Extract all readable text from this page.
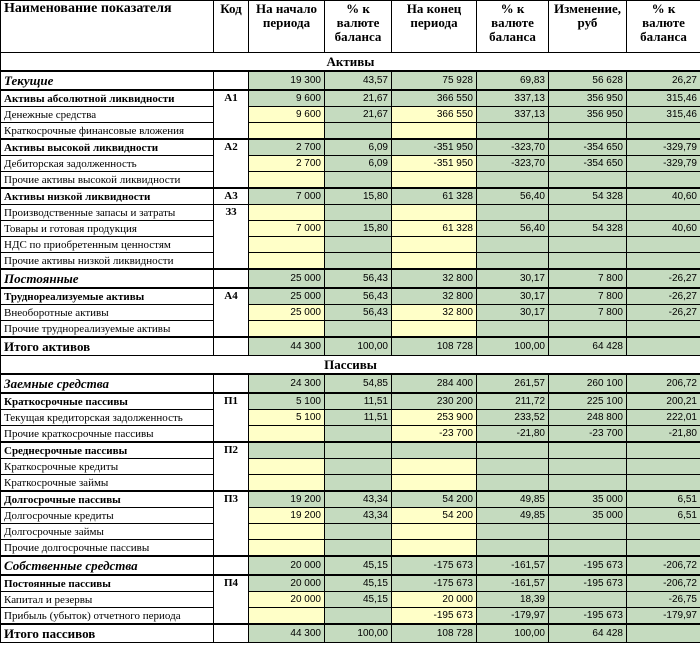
Наименование показателя	Код	На начало периода	% к валюте баланса	На конец периода	% к валюте баланса	Изменение, руб	% к валюте баланса
Активы							
Текущие		19 300	43,57	75 928	69,83	56 628	26,27
Активы абсолютной ликвидности	А1	9 600	21,67	366 550	337,13	356 950	315,46
Денежные средства		9 600	21,67	366 550	337,13	356 950	315,46
Краткосрочные финансовые вложения							
Активы высокой ликвидности	А2	2 700	6,09	-351 950	-323,70	-354 650	-329,79
Дебиторская задолженность		2 700	6,09	-351 950	-323,70	-354 650	-329,79
Прочие активы высокой ликвидности							
Активы низкой ликвидности	А3	7 000	15,80	61 328	56,40	54 328	40,60
Производственные запасы и затраты	З3						
Товары и готовая продукция		7 000	15,80	61 328	56,40	54 328	40,60
НДС по приобретенным ценностям							
Прочие активы низкой ликвидности							
Постоянные		25 000	56,43	32 800	30,17	7 800	-26,27
Труднореализуемые активы	А4	25 000	56,43	32 800	30,17	7 800	-26,27
Внеоборотные активы		25 000	56,43	32 800	30,17	7 800	-26,27
Прочие труднореализуемые активы							
Итого активов		44 300	100,00	108 728	100,00	64 428	
Пассивы							
Заемные средства		24 300	54,85	284 400	261,57	260 100	206,72
Краткосрочные пассивы	П1	5 100	11,51	230 200	211,72	225 100	200,21
Текущая кредиторская задолженность		5 100	11,51	253 900	233,52	248 800	222,01
Прочие краткосрочные пассивы				-23 700	-21,80	-23 700	-21,80
Среднесрочные пассивы	П2						
Краткосрочные кредиты							
Краткосрочные займы							
Долгосрочные пассивы	П3	19 200	43,34	54 200	49,85	35 000	6,51
Долгосрочные кредиты		19 200	43,34	54 200	49,85	35 000	6,51
Долгосрочные займы							
Прочие долгосрочные пассивы							
Собственные средства		20 000	45,15	-175 673	-161,57	-195 673	-206,72
Постоянные пассивы	П4	20 000	45,15	-175 673	-161,57	-195 673	-206,72
Капитал и резервы		20 000	45,15	20 000	18,39		-26,75
Прибыль (убыток) отчетного периода				-195 673	-179,97	-195 673	-179,97
Итого пассивов		44 300	100,00	108 728	100,00	64 428	
